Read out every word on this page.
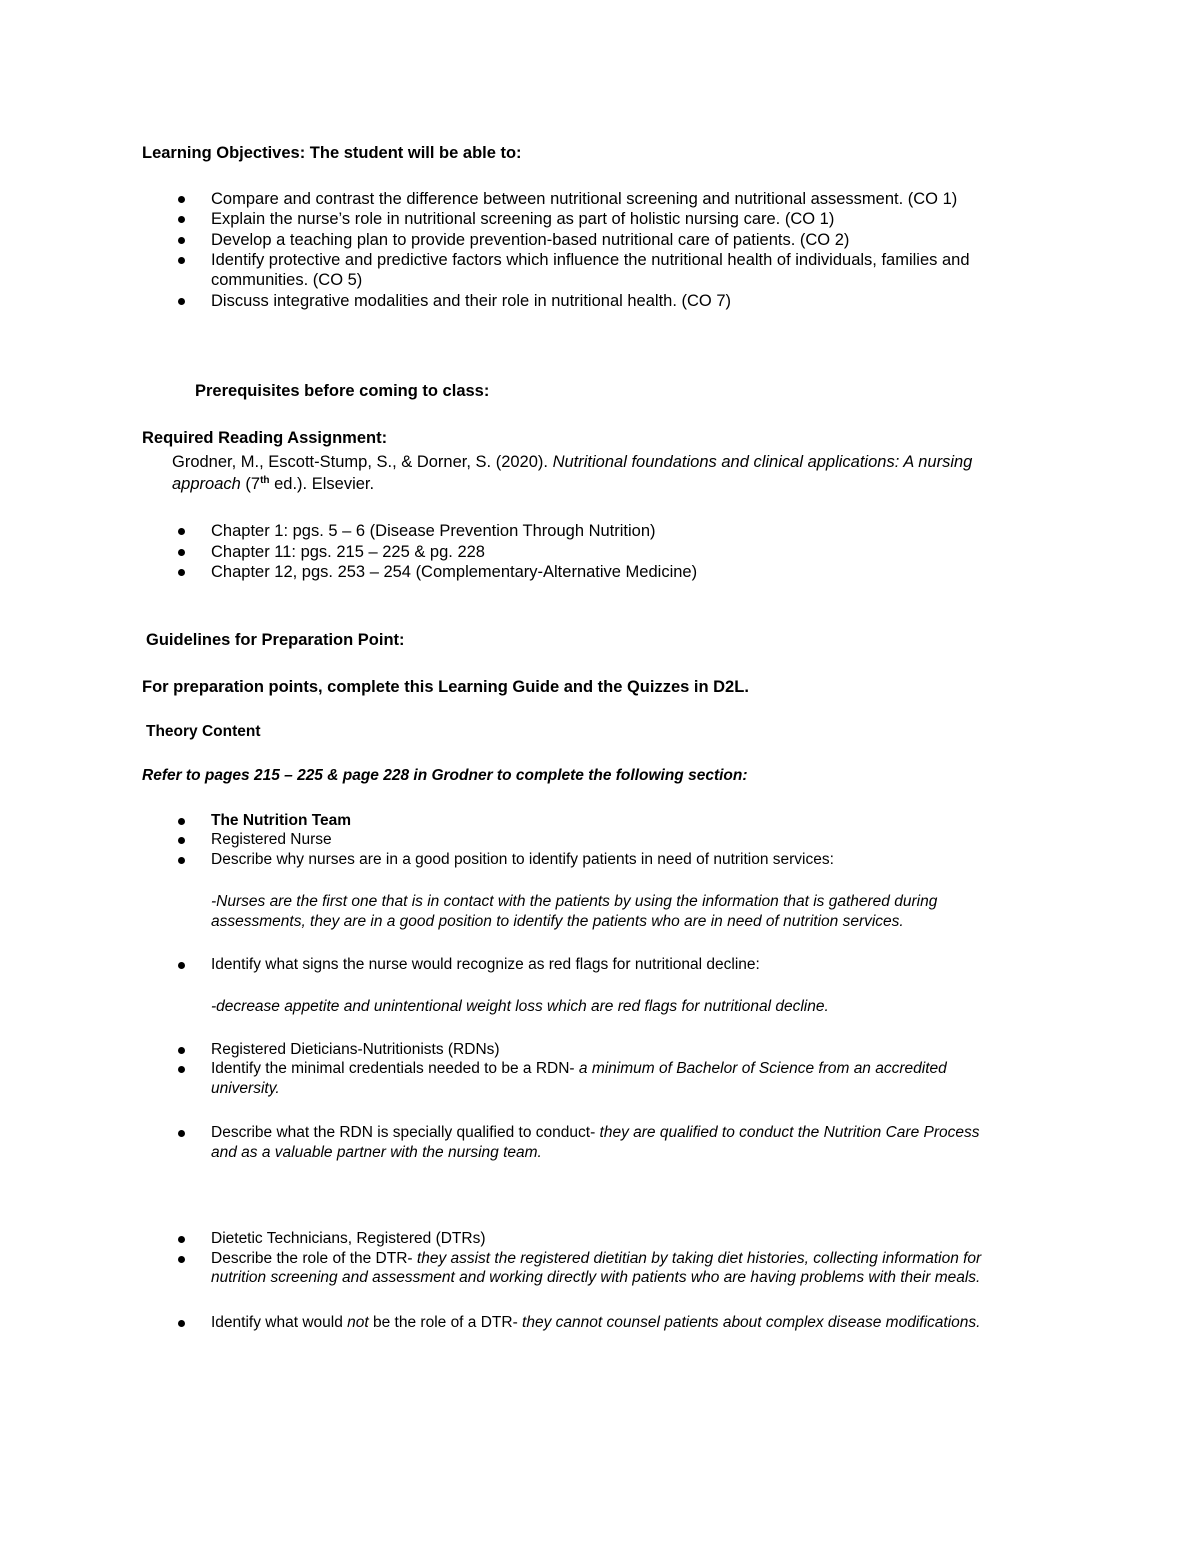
Learning Objectives: The student will be able to:
Compare and contrast the difference between nutritional screening and nutritional assessment. (CO 1)
Explain the nurse’s role in nutritional screening as part of holistic nursing care. (CO 1)
Develop a teaching plan to provide prevention-based nutritional care of patients. (CO 2)
Identify protective and predictive factors which influence the nutritional health of individuals, families and
communities. (CO 5)
Discuss integrative modalities and their role in nutritional health. (CO 7)
Prerequisites before coming to class:
Required Reading Assignment:
Grodner, M., Escott-Stump, S., & Dorner, S. (2020). Nutritional foundations and clinical applications: A nursing
approach (7th ed.). Elsevier.
Chapter 1: pgs. 5 – 6 (Disease Prevention Through Nutrition)
Chapter 11: pgs. 215 – 225 & pg. 228
Chapter 12, pgs. 253 – 254 (Complementary-Alternative Medicine)
Guidelines for Preparation Point:
For preparation points, complete this Learning Guide and the Quizzes in D2L.
Theory Content
Refer to pages 215 – 225 & page 228 in Grodner to complete the following section:
The Nutrition Team
Registered Nurse
Describe why nurses are in a good position to identify patients in need of nutrition services:
-Nurses are the first one that is in contact with the patients by using the information that is gathered during
assessments, they are in a good position to identify the patients who are in need of nutrition services.
Identify what signs the nurse would recognize as red flags for nutritional decline:
-decrease appetite and unintentional weight loss which are red flags for nutritional decline.
Registered Dieticians-Nutritionists (RDNs)
Identify the minimal credentials needed to be a RDN- a minimum of Bachelor of Science from an accredited
university.
Describe what the RDN is specially qualified to conduct- they are qualified to conduct the Nutrition Care Process
and as a valuable partner with the nursing team.
Dietetic Technicians, Registered (DTRs)
Describe the role of the DTR- they assist the registered dietitian by taking diet histories, collecting information for
nutrition screening and assessment and working directly with patients who are having problems with their meals.
Identify what would not be the role of a DTR- they cannot counsel patients about complex disease modifications.
